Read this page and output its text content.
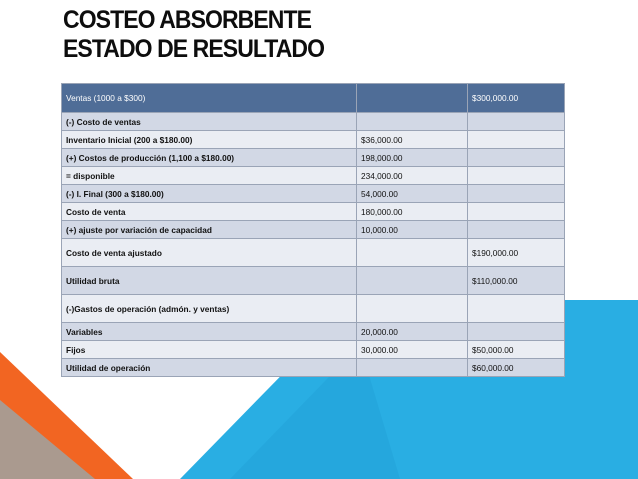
COSTEO ABSORBENTE
ESTADO DE RESULTADO
Ventas (1000 a $300)		$300,000.00
(-) Costo de ventas		
Inventario Inicial (200 a $180.00)	$36,000.00	
(+) Costos de producción (1,100 a $180.00)	198,000.00	
= disponible	234,000.00	
(-) I. Final (300 a $180.00)	54,000.00	
Costo de venta	180,000.00	
(+) ajuste por variación de capacidad	10,000.00	
Costo de venta ajustado		$190,000.00
Utilidad bruta		$110,000.00
(-)Gastos de operación (admón. y ventas)		
Variables	20,000.00	
Fijos	30,000.00	$50,000.00
Utilidad de operación		$60,000.00
